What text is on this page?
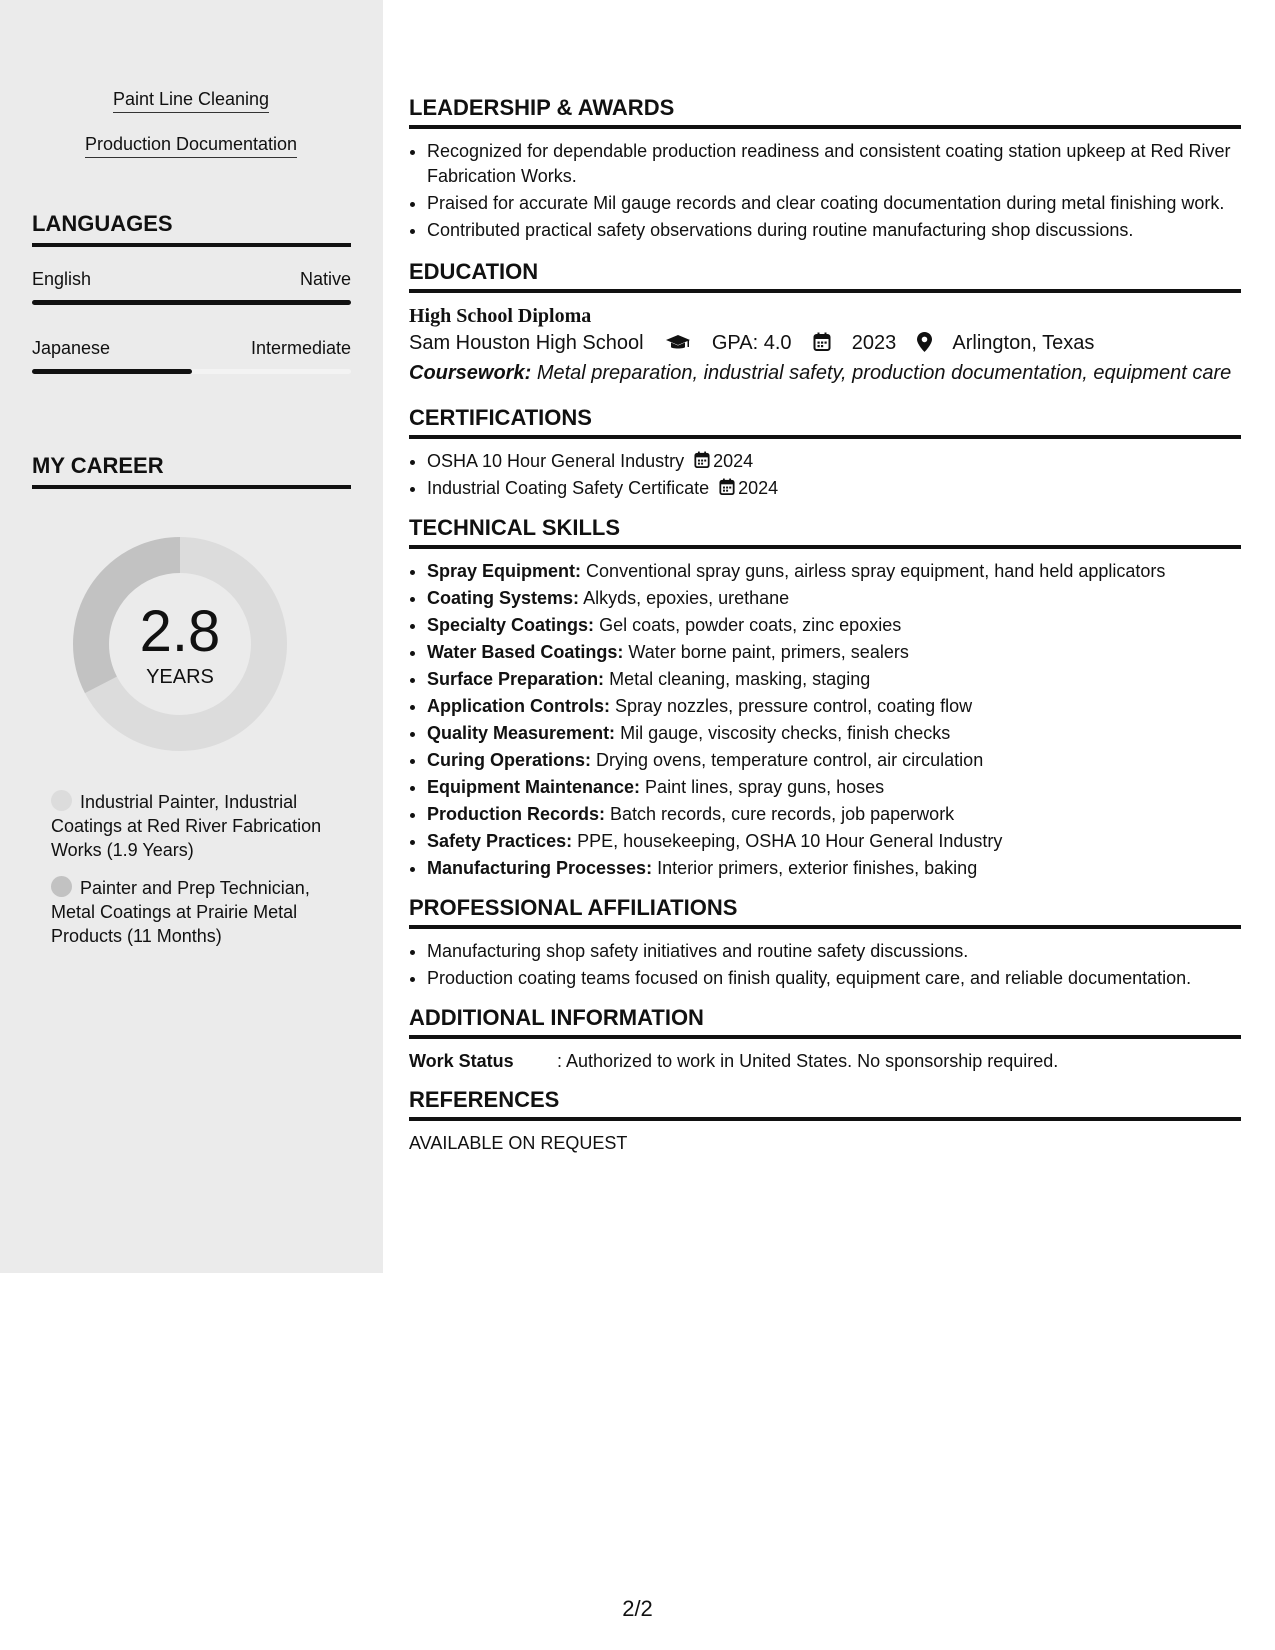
Paint Line Cleaning
Production Documentation
LANGUAGES
English	Native
Japanese	Intermediate
MY CAREER
2.8
YEARS
Industrial Painter, Industrial Coatings at Red River Fabrication Works (1.9 Years)
Painter and Prep Technician, Metal Coatings at Prairie Metal Products (11 Months)
LEADERSHIP & AWARDS
• Recognized for dependable production readiness and consistent coating station upkeep at Red River Fabrication Works.
• Praised for accurate Mil gauge records and clear coating documentation during metal finishing work.
• Contributed practical safety observations during routine manufacturing shop discussions.
EDUCATION
High School Diploma
Sam Houston High School	GPA: 4.0	2023	Arlington, Texas
Coursework: Metal preparation, industrial safety, production documentation, equipment care
CERTIFICATIONS
• OSHA 10 Hour General Industry 2024
• Industrial Coating Safety Certificate 2024
TECHNICAL SKILLS
• Spray Equipment: Conventional spray guns, airless spray equipment, hand held applicators
• Coating Systems: Alkyds, epoxies, urethane
• Specialty Coatings: Gel coats, powder coats, zinc epoxies
• Water Based Coatings: Water borne paint, primers, sealers
• Surface Preparation: Metal cleaning, masking, staging
• Application Controls: Spray nozzles, pressure control, coating flow
• Quality Measurement: Mil gauge, viscosity checks, finish checks
• Curing Operations: Drying ovens, temperature control, air circulation
• Equipment Maintenance: Paint lines, spray guns, hoses
• Production Records: Batch records, cure records, job paperwork
• Safety Practices: PPE, housekeeping, OSHA 10 Hour General Industry
• Manufacturing Processes: Interior primers, exterior finishes, baking
PROFESSIONAL AFFILIATIONS
• Manufacturing shop safety initiatives and routine safety discussions.
• Production coating teams focused on finish quality, equipment care, and reliable documentation.
ADDITIONAL INFORMATION
Work Status : Authorized to work in United States. No sponsorship required.
REFERENCES
AVAILABLE ON REQUEST
2/2
